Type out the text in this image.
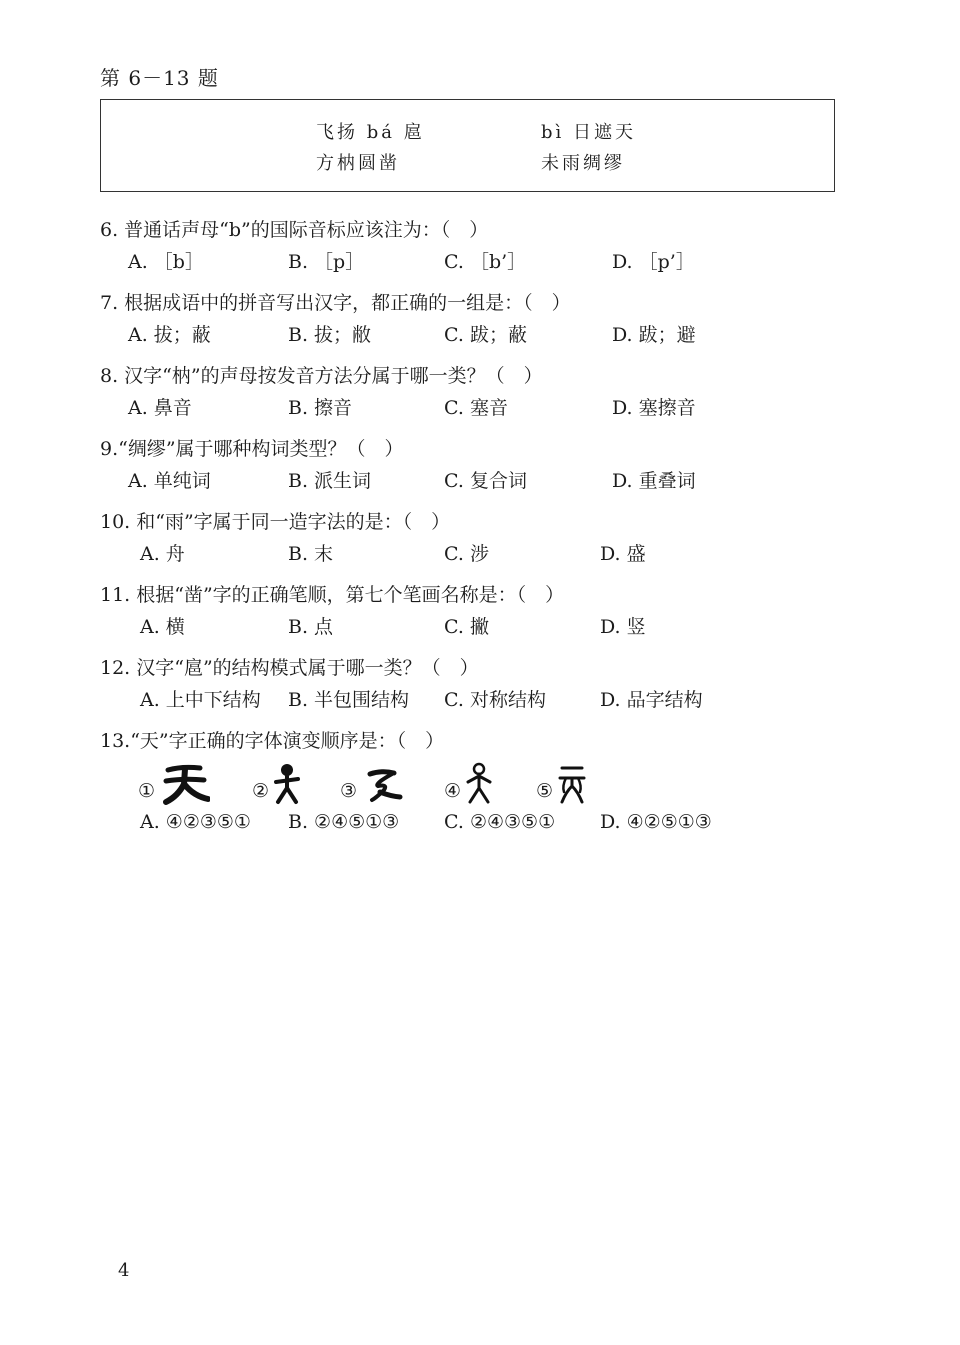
第 6－13 题
飞扬 bá 扈	bì 日遮天
方枘圆凿	未雨绸缪
6. 普通话声母“b”的国际音标应该注为：（　）
A. ［b］	B. ［p］	C. ［b’］	D. ［p’］
7. 根据成语中的拼音写出汉字，都正确的一组是：（　）
A. 拔；蔽	B. 拔；敝	C. 跋；蔽	D. 跋；避
8. 汉字“枘”的声母按发音方法分属于哪一类？（　）
A. 鼻音	B. 擦音	C. 塞音	D. 塞擦音
9.“绸缪”属于哪种构词类型？（　）
A. 单纯词	B. 派生词	C. 复合词	D. 重叠词
10. 和“雨”字属于同一造字法的是：（　）
A. 舟	B. 末	C. 涉	D. 盛
11. 根据“凿”字的正确笔顺，第七个笔画名称是：（　）
A. 横	B. 点	C. 撇	D. 竖
12. 汉字“扈”的结构模式属于哪一类？（　）
A. 上中下结构 B. 半包围结构 C. 对称结构	D. 品字结构
13.“天”字正确的字体演变顺序是：（　）
①	②	③	④	⑤
A. ④②③⑤① B. ②④⑤①③ C. ②④③⑤① D. ④②⑤①③
4
